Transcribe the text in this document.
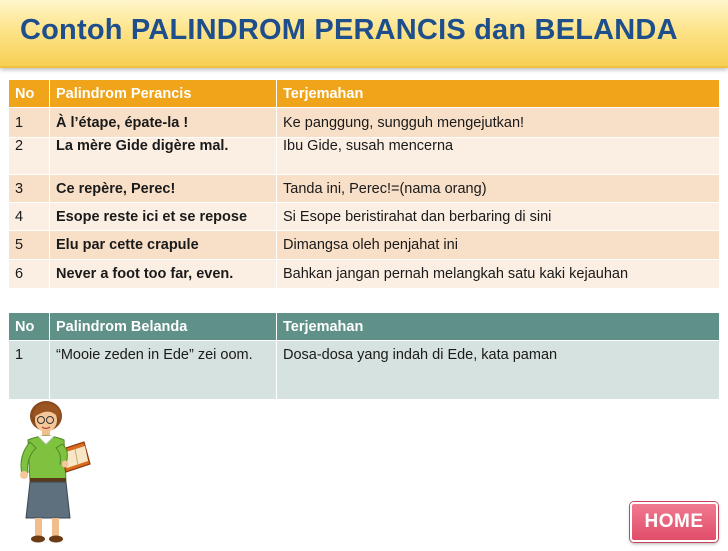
Contoh PALINDROM PERANCIS dan BELANDA
No	Palindrom Perancis	Terjemahan
1	À l’étape, épate-la !	Ke panggung, sungguh mengejutkan!
2	La mère Gide digère mal.	Ibu Gide, susah mencerna
3	Ce repère, Perec!	Tanda ini, Perec!=(nama orang)
4	Esope reste ici et se repose	Si Esope beristirahat dan berbaring di sini
5	Elu par cette crapule	Dimangsa oleh penjahat ini
6	Never a foot too far, even.	Bahkan jangan pernah melangkah satu kaki kejauhan
No	Palindrom Belanda	Terjemahan
1	“Mooie zeden in Ede” zei oom.	Dosa-dosa yang indah di Ede, kata paman
HOME
